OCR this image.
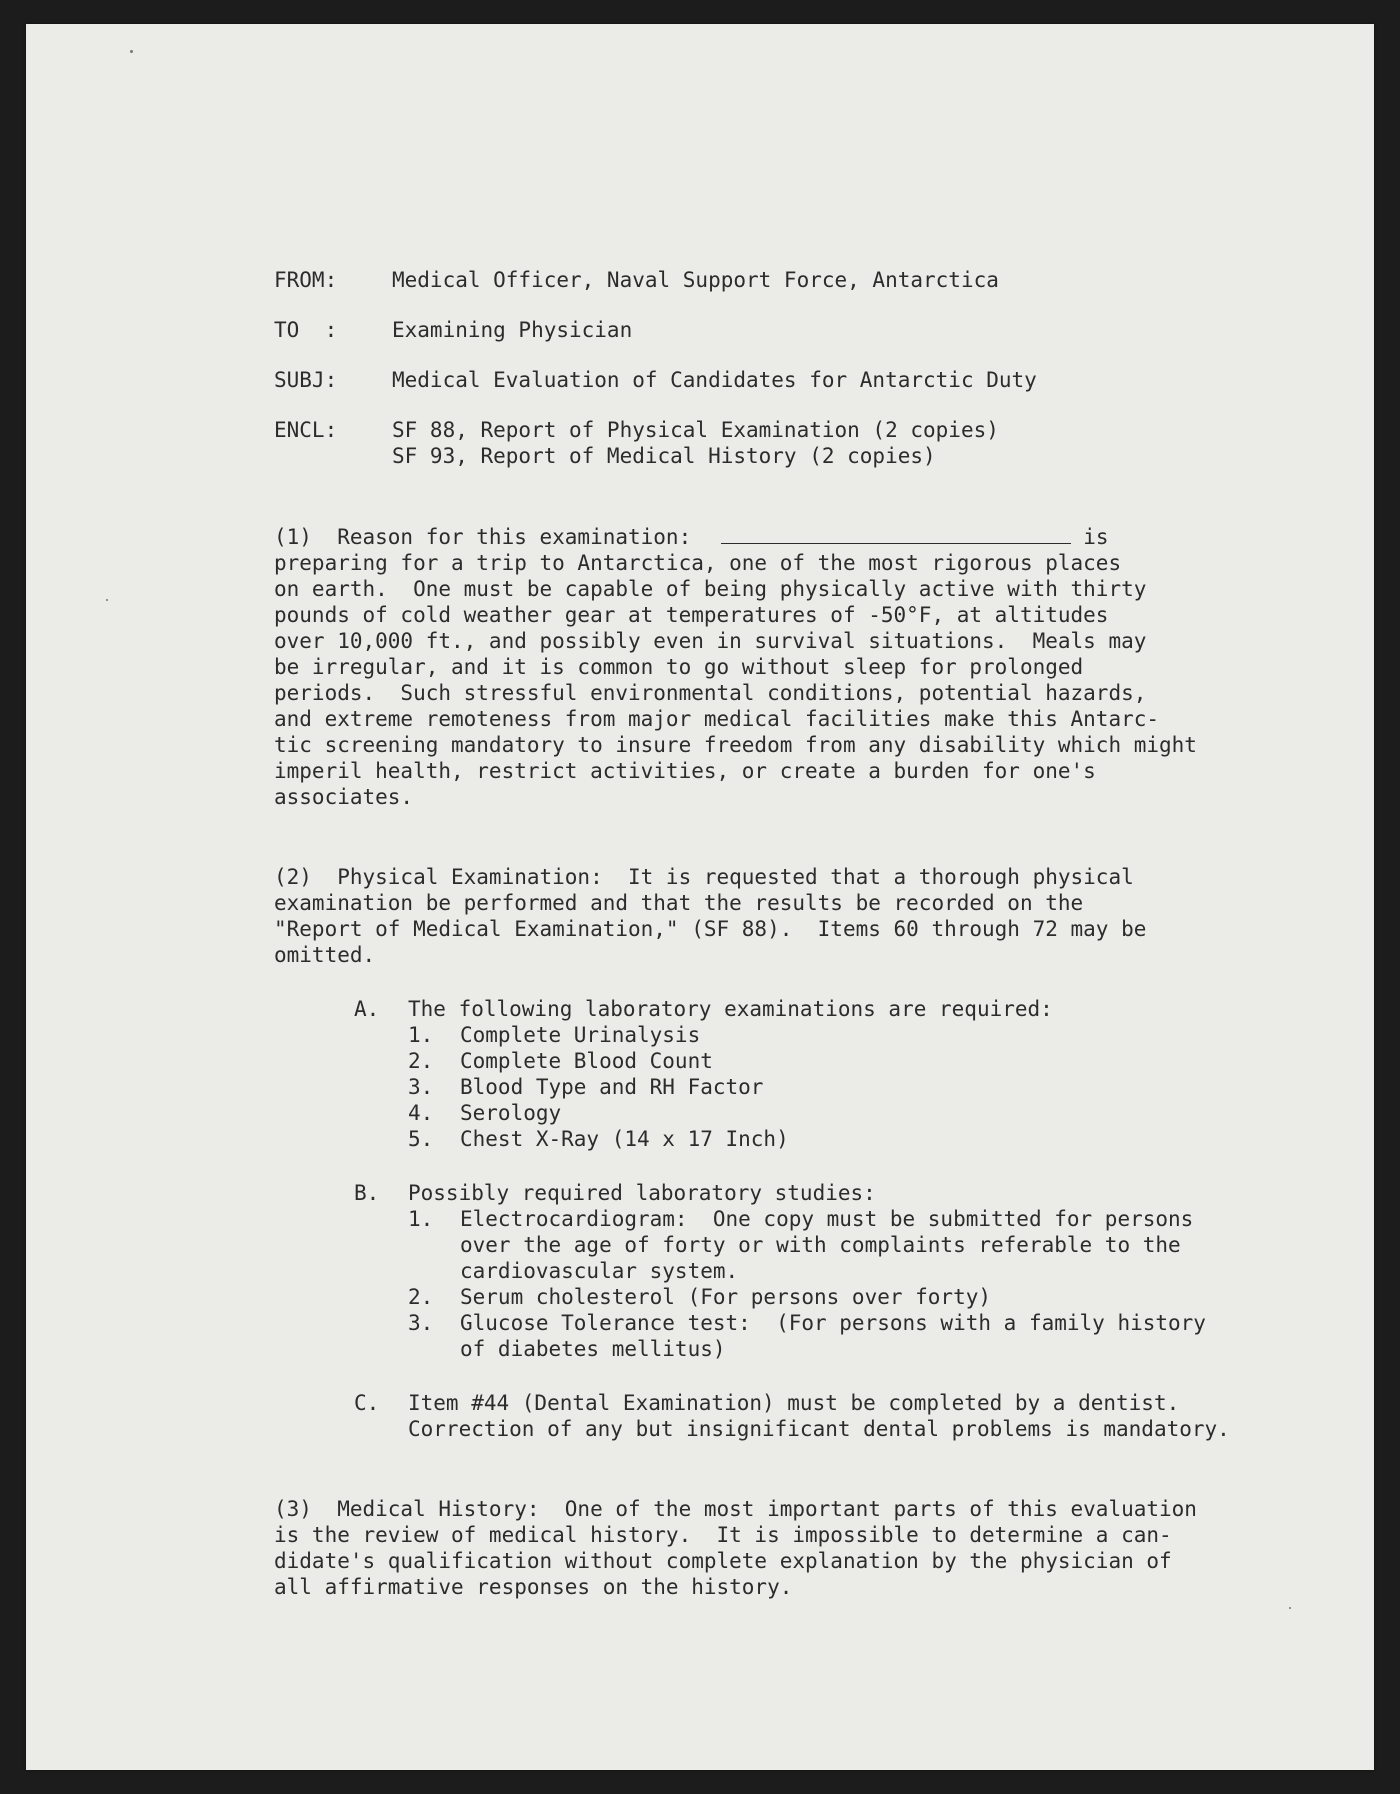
FROM:	Medical Officer, Naval Support Force, Antarctica
TO  :	Examining Physician
SUBJ:	Medical Evaluation of Candidates for Antarctic Duty
ENCL:	SF 88, Report of Physical Examination (2 copies)
SF 93, Report of Medical History (2 copies)
(1)  Reason for this examination:	is
preparing for a trip to Antarctica, one of the most rigorous places
on earth.  One must be capable of being physically active with thirty
pounds of cold weather gear at temperatures of -50°F, at altitudes
over 10,000 ft., and possibly even in survival situations.  Meals may
be irregular, and it is common to go without sleep for prolonged
periods.  Such stressful environmental conditions, potential hazards,
and extreme remoteness from major medical facilities make this Antarc-
tic screening mandatory to insure freedom from any disability which might
imperil health, restrict activities, or create a burden for one's
associates.
(2)  Physical Examination:  It is requested that a thorough physical
examination be performed and that the results be recorded on the
"Report of Medical Examination," (SF 88).  Items 60 through 72 may be
omitted.
A.	The following laboratory examinations are required:
1.	Complete Urinalysis
2.	Complete Blood Count
3.	Blood Type and RH Factor
4.	Serology
5.	Chest X-Ray (14 x 17 Inch)
B.	Possibly required laboratory studies:
1.	Electrocardiogram:  One copy must be submitted for persons
over the age of forty or with complaints referable to the
cardiovascular system.
2.	Serum cholesterol (For persons over forty)
3.	Glucose Tolerance test:  (For persons with a family history
of diabetes mellitus)
C.	Item #44 (Dental Examination) must be completed by a dentist.
Correction of any but insignificant dental problems is mandatory.
(3)  Medical History:  One of the most important parts of this evaluation
is the review of medical history.  It is impossible to determine a can-
didate's qualification without complete explanation by the physician of
all affirmative responses on the history.
